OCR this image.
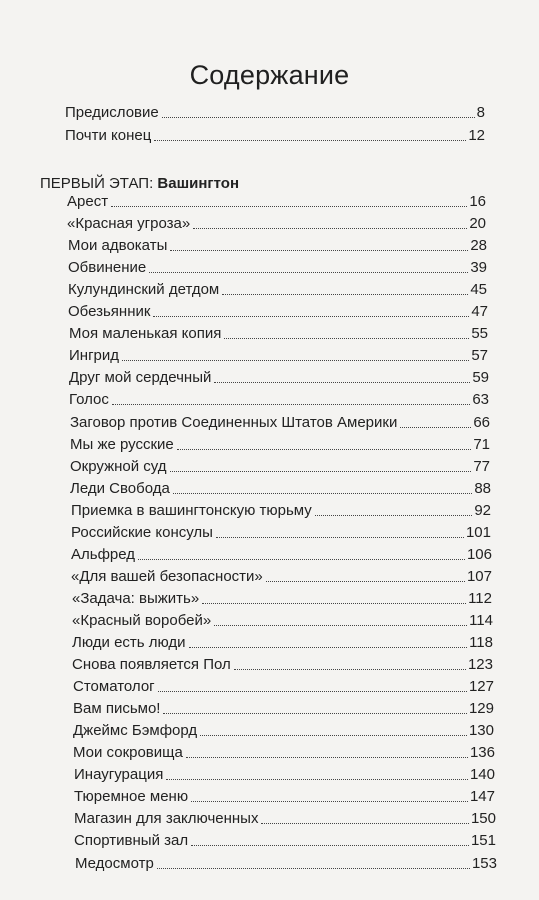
Содержание
Предисловие	8
Почти конец	12
ПЕРВЫЙ ЭТАП: Вашингтон
Арест	16
«Красная угроза»	20
Мои адвокаты	28
Обвинение	39
Кулундинский детдом	45
Обезьянник	47
Моя маленькая копия	55
Ингрид	57
Друг мой сердечный	59
Голос	63
Заговор против Соединенных Штатов Америки	66
Мы же русские	71
Окружной суд	77
Леди Свобода	88
Приемка в вашингтонскую тюрьму	92
Российские консулы	101
Альфред	106
«Для вашей безопасности»	107
«Задача: выжить»	112
«Красный воробей»	114
Люди есть люди	118
Снова появляется Пол	123
Стоматолог	127
Вам письмо!	129
Джеймс Бэмфорд	130
Мои сокровища	136
Инаугурация	140
Тюремное меню	147
Магазин для заключенных	150
Спортивный зал	151
Медосмотр	153
